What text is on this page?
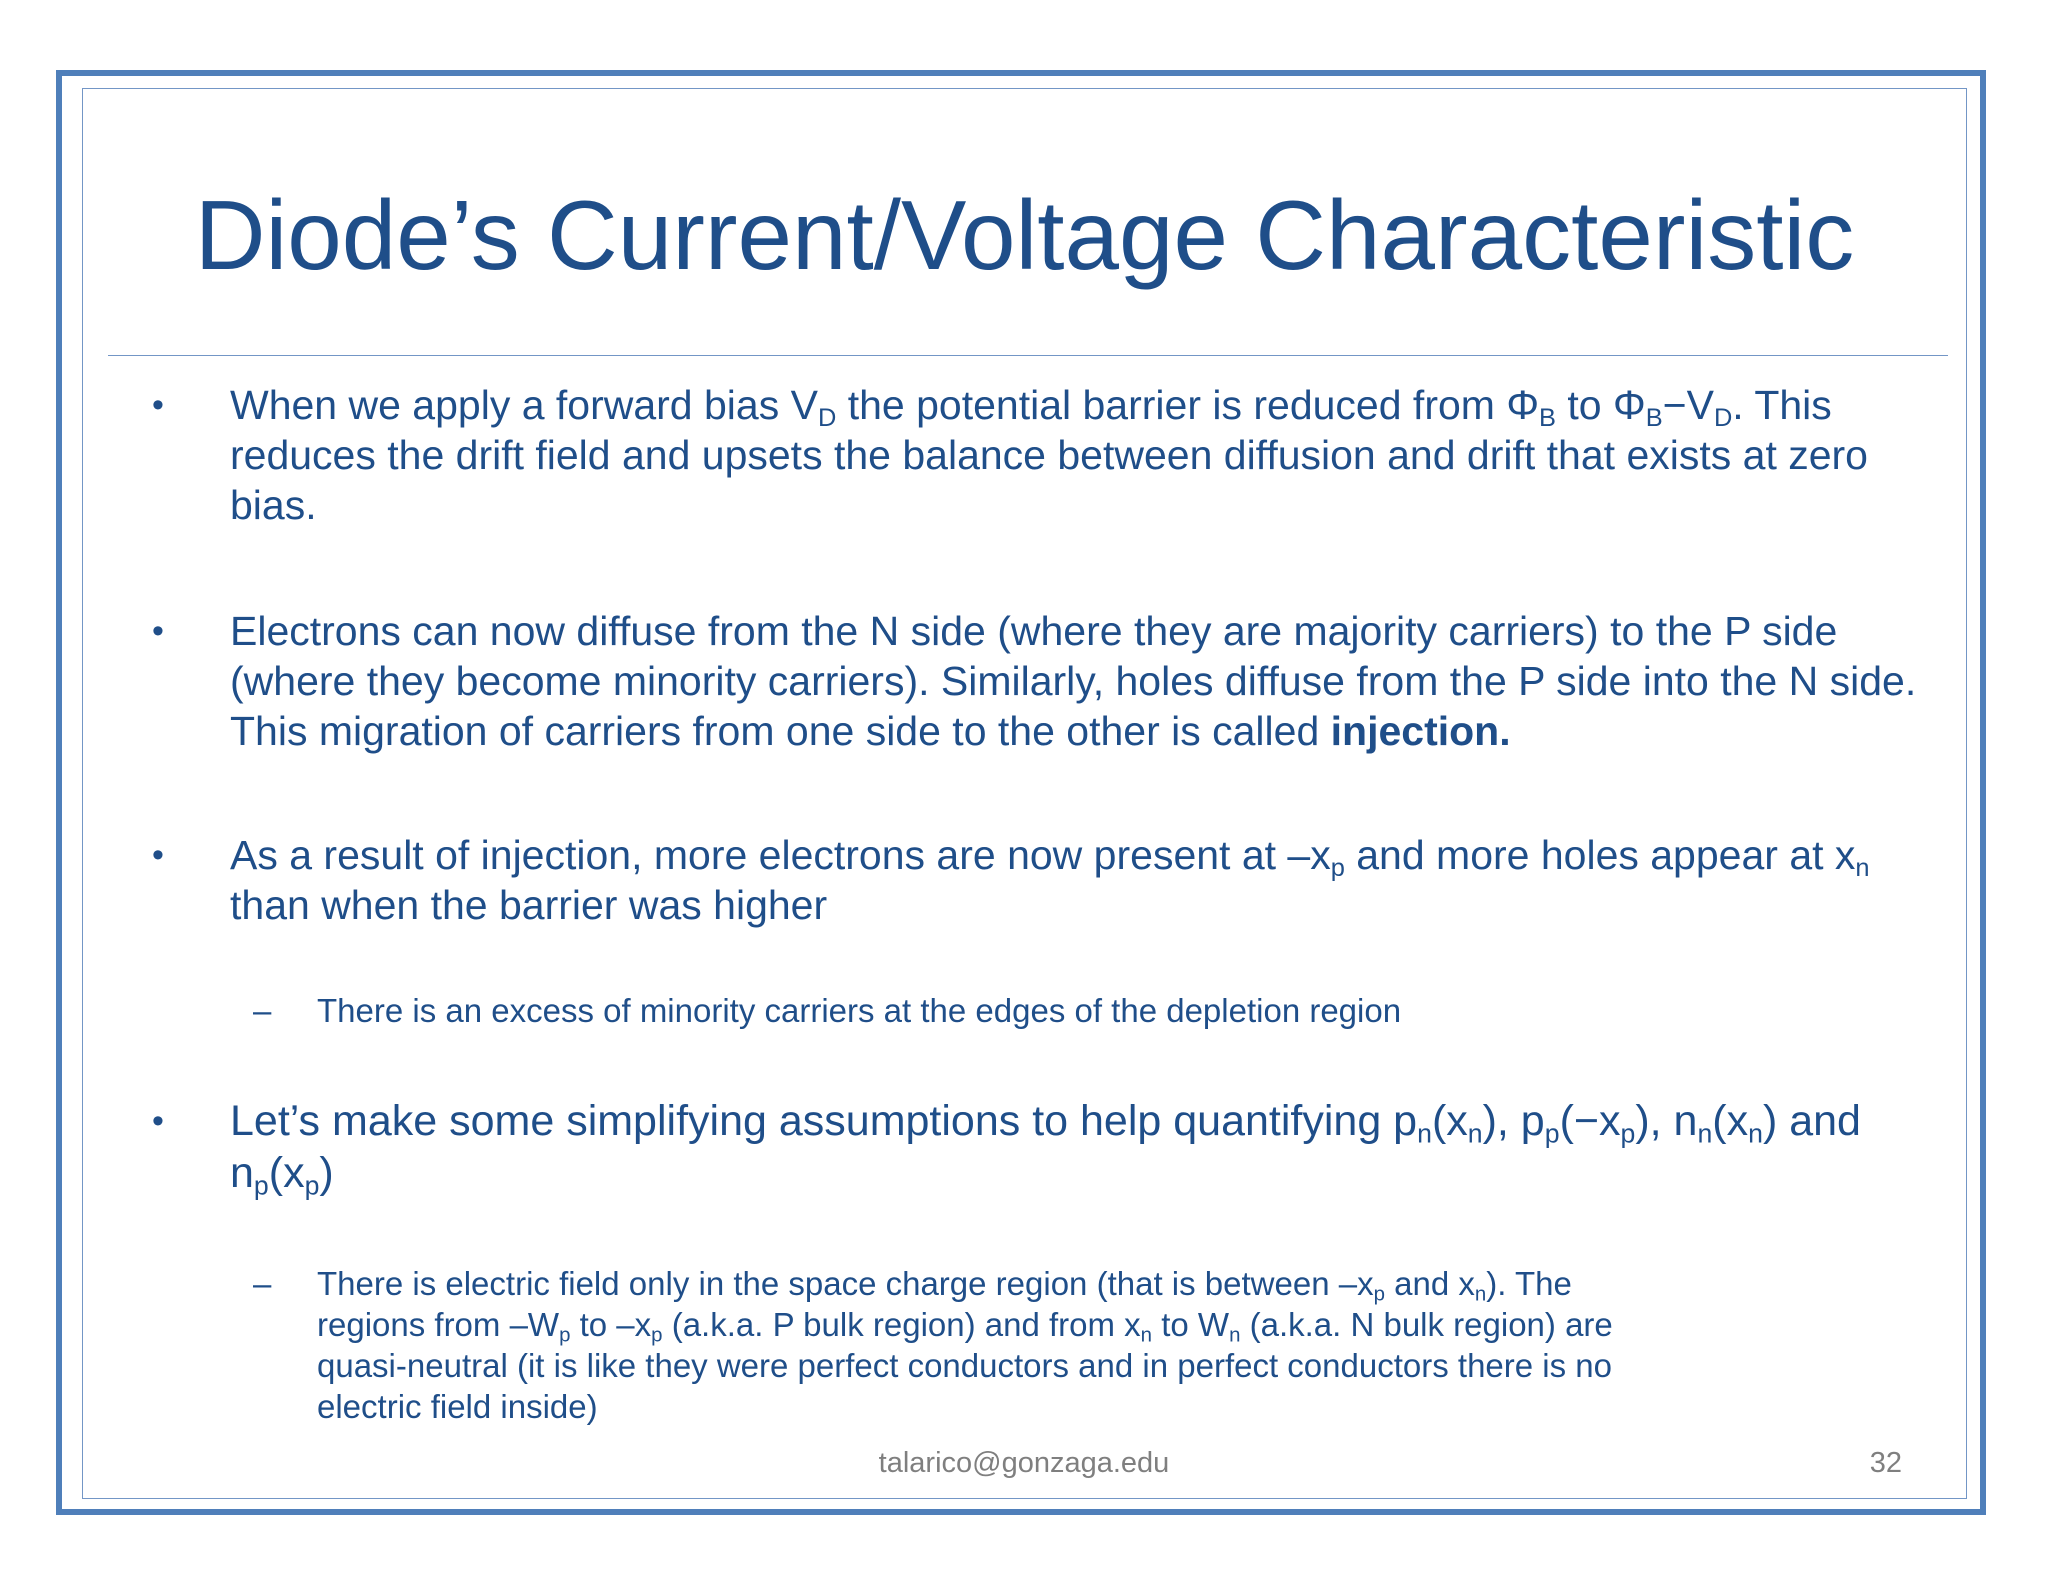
Diode’s Current/Voltage Characteristic
• When we apply a forward bias $V_D$ the potential barrier is reduced from $\Phi_B$ to $\Phi_B-V_D$. This reduces the drift field and upsets the balance between diffusion and drift that exists at zero bias.
• Electrons can now diffuse from the N side (where they are majority carriers) to the P side (where they become minority carriers). Similarly, holes diffuse from the P side into the N side. This migration of carriers from one side to the other is called injection.
• As a result of injection, more electrons are now present at $-x_p$ and more holes appear at $x_n$ than when the barrier was higher
–	There is an excess of minority carriers at the edges of the depletion region
• Let’s make some simplifying assumptions to help quantifying $p_n(x_n)$, $p_p(-x_p)$, $n_n(x_n)$ and $n_p(x_p)$
–	There is electric field only in the space charge region (that is between $-x_p$ and $x_n$). The regions from $-W_p$ to $-x_p$ (a.k.a. P bulk region) and from $x_n$ to $W_n$ (a.k.a. N bulk region) are quasi-neutral (it is like they were perfect conductors and in perfect conductors there is no electric field inside)
talarico@gonzaga.edu	32
